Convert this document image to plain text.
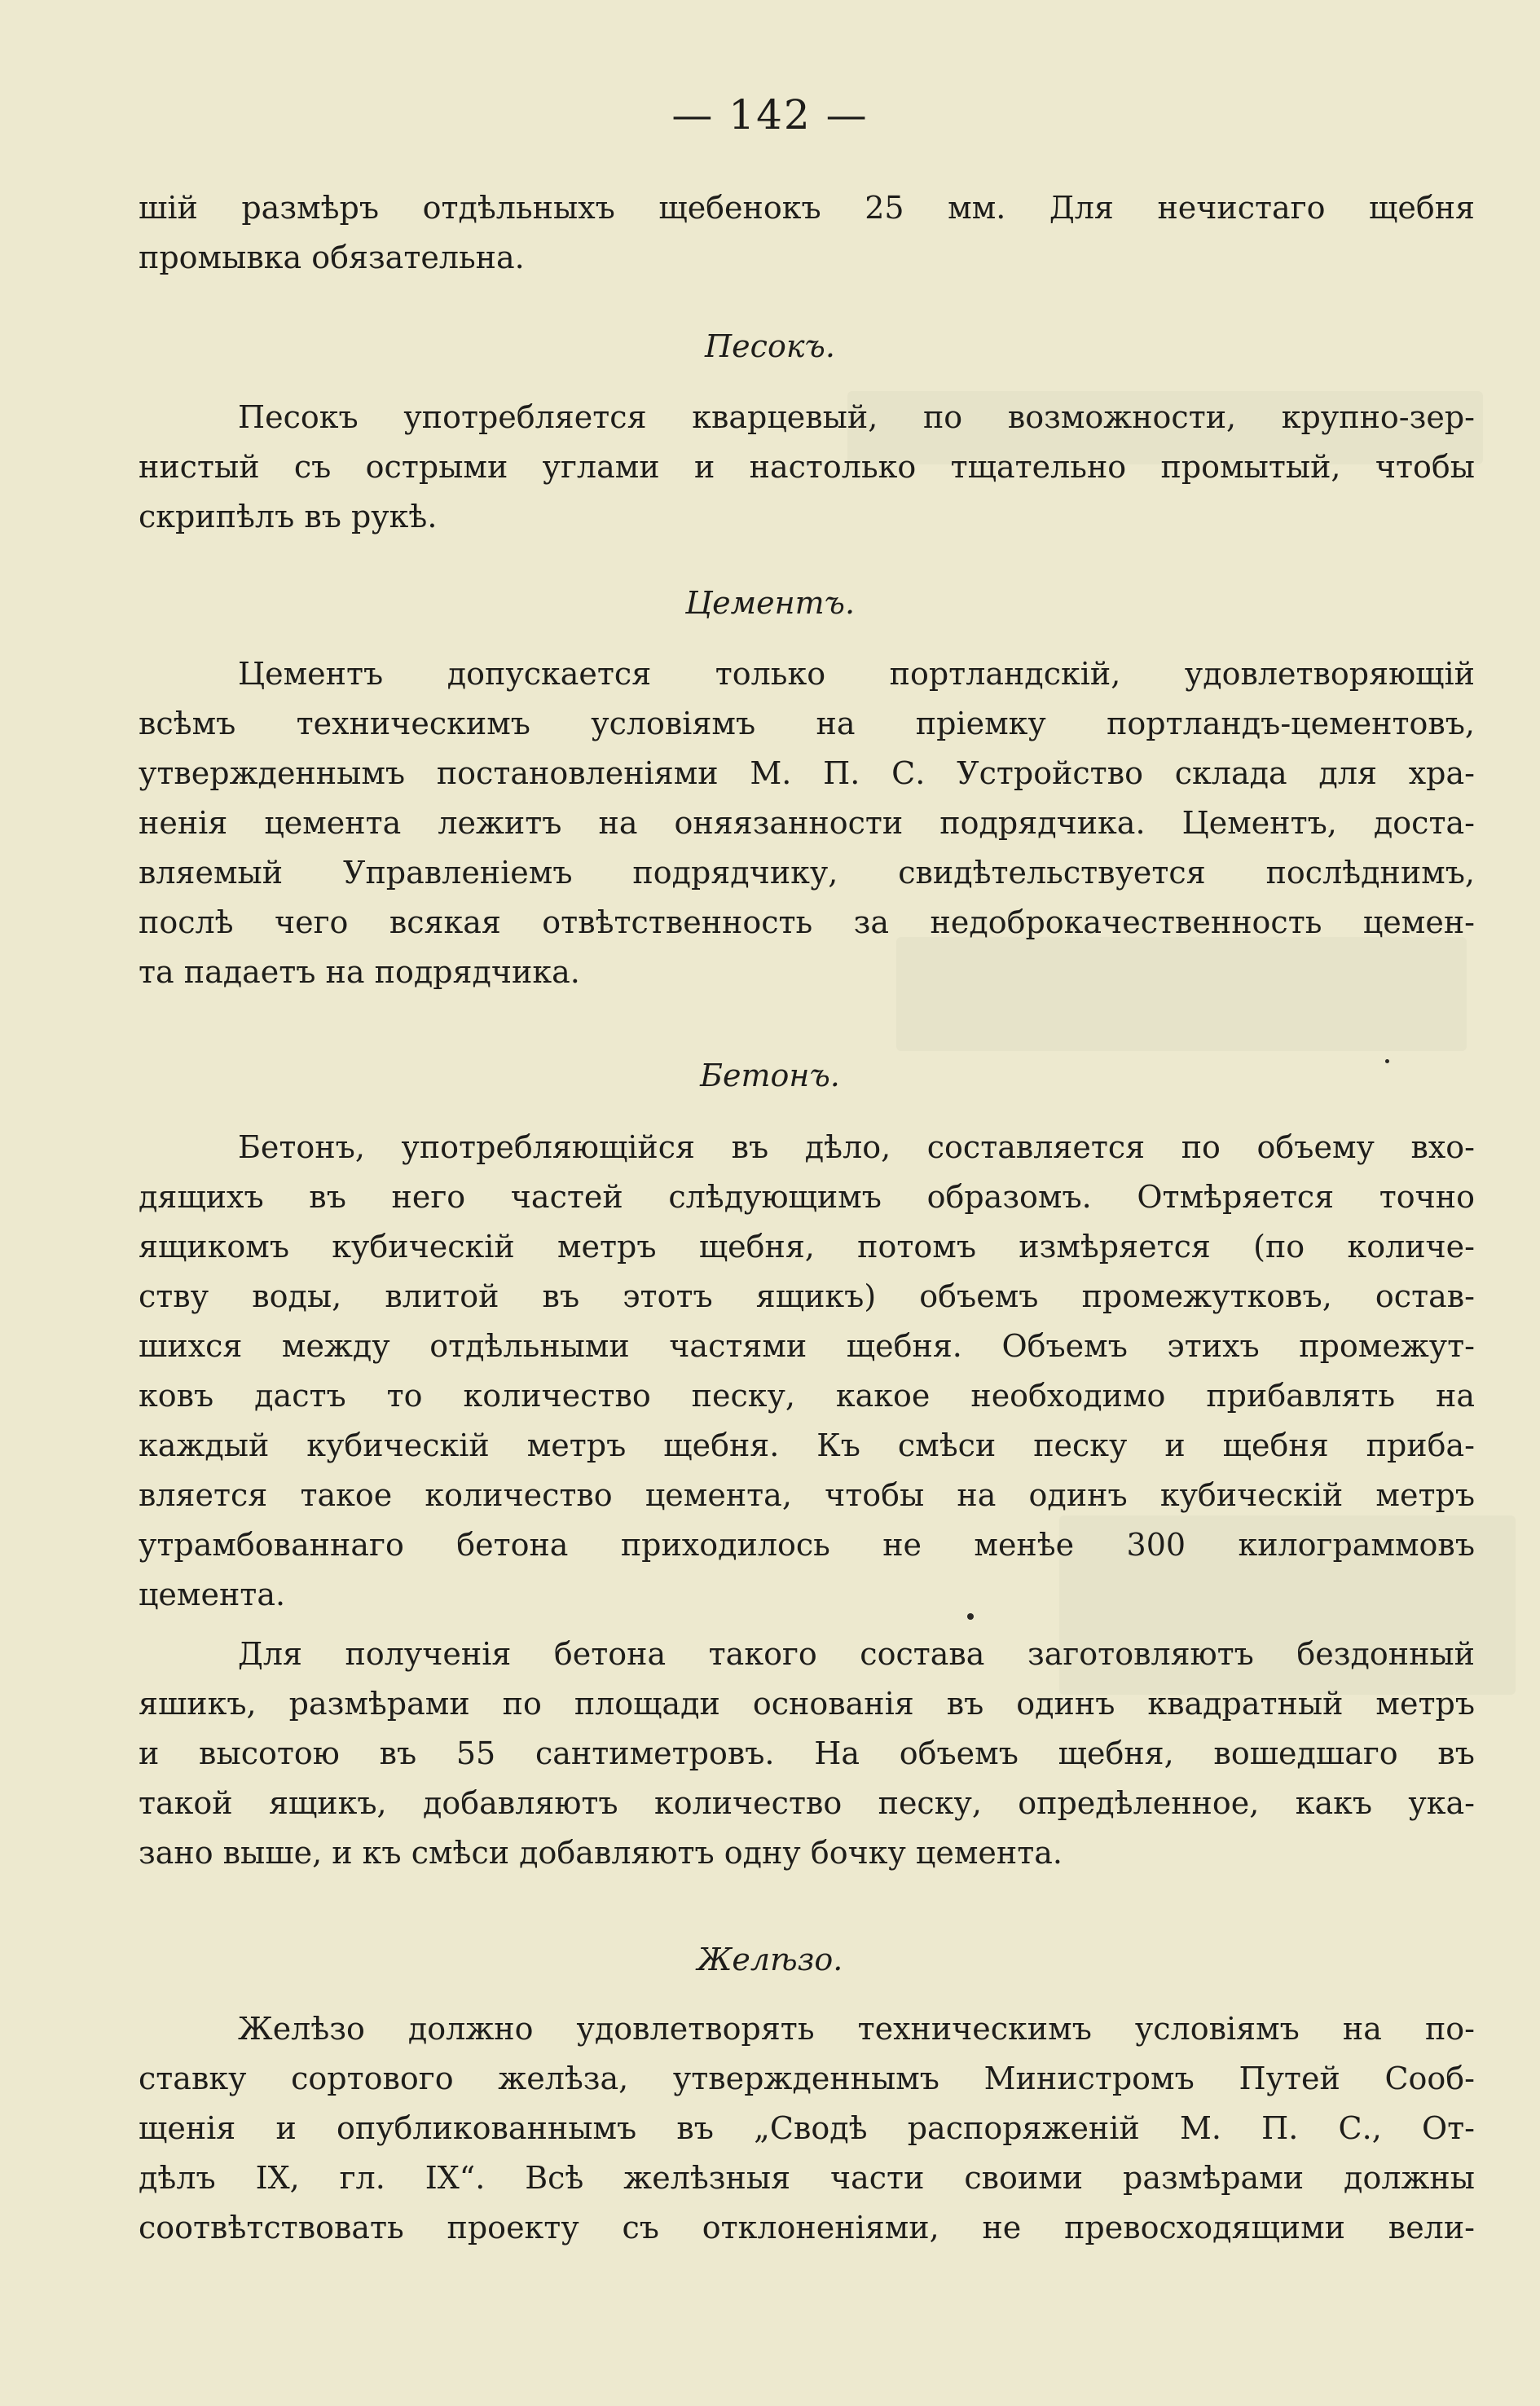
— 142 —
шій размѣръ отдѣльныхъ щебенокъ 25 мм. Для нечистаго щебня
промывка обязательна.
Песокъ.
Песокъ употребляется кварцевый, по возможности, крупно-зер-
нистый съ острыми углами и настолько тщательно промытый, чтобы
скрипѣлъ въ рукѣ.
Цементъ.
Цементъ допускается только портландскій, удовлетворяющій
всѣмъ техническимъ условіямъ на пріемку портландъ-цементовъ,
утвержденнымъ постановленіями М. П. С. Устройство склада для хра-
ненія цемента лежитъ на оняязанности подрядчика. Цементъ, доста-
вляемый Управленіемъ подрядчику, свидѣтельствуется послѣднимъ,
послѣ чего всякая отвѣтственность за недоброкачественность цемен-
та падаетъ на подрядчика.
Бетонъ.
Бетонъ, употребляющійся въ дѣло, составляется по объему вхо-
дящихъ въ него частей слѣдующимъ образомъ. Отмѣряется точно
ящикомъ кубическій метръ щебня, потомъ измѣряется (по количе-
ству воды, влитой въ этотъ ящикъ) объемъ промежутковъ, остав-
шихся между отдѣльными частями щебня. Объемъ этихъ промежут-
ковъ дастъ то количество песку, какое необходимо прибавлять на
каждый кубическій метръ щебня. Къ смѣси песку и щебня приба-
вляется такое количество цемента, чтобы на одинъ кубическій метръ
утрамбованнаго бетона приходилось не менѣе 300 килограммовъ
цемента.
Для полученія бетона такого состава заготовляютъ бездонный
яшикъ, размѣрами по площади основанія въ одинъ квадратный метръ
и высотою въ 55 сантиметровъ. На объемъ щебня, вошедшаго въ
такой ящикъ, добавляютъ количество песку, опредѣленное, какъ ука-
зано выше, и къ смѣси добавляютъ одну бочку цемента.
Желѣзо.
Желѣзо должно удовлетворять техническимъ условіямъ на по-
ставку сортового желѣза, утвержденнымъ Министромъ Путей Сооб-
щенія и опубликованнымъ въ „Сводѣ распоряженій М. П. С., От-
дѣлъ IX, гл. IX“. Всѣ желѣзныя части своими размѣрами должны
соотвѣтствовать проекту съ отклоненіями, не превосходящими вели-
